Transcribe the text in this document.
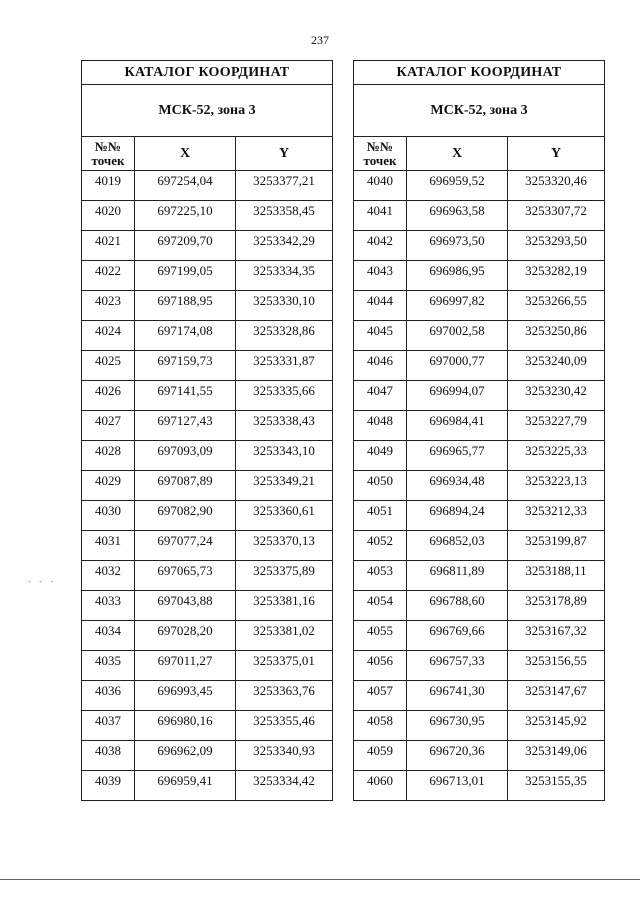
237
- - -
КАТАЛОГ КООРДИНАТ		
МСК-52, зона 3		
№№
точек	X	Y
4019	697254,04	3253377,21
4020	697225,10	3253358,45
4021	697209,70	3253342,29
4022	697199,05	3253334,35
4023	697188,95	3253330,10
4024	697174,08	3253328,86
4025	697159,73	3253331,87
4026	697141,55	3253335,66
4027	697127,43	3253338,43
4028	697093,09	3253343,10
4029	697087,89	3253349,21
4030	697082,90	3253360,61
4031	697077,24	3253370,13
4032	697065,73	3253375,89
4033	697043,88	3253381,16
4034	697028,20	3253381,02
4035	697011,27	3253375,01
4036	696993,45	3253363,76
4037	696980,16	3253355,46
4038	696962,09	3253340,93
4039	696959,41	3253334,42
КАТАЛОГ КООРДИНАТ		
МСК-52, зона 3		
№№
точек	X	Y
4040	696959,52	3253320,46
4041	696963,58	3253307,72
4042	696973,50	3253293,50
4043	696986,95	3253282,19
4044	696997,82	3253266,55
4045	697002,58	3253250,86
4046	697000,77	3253240,09
4047	696994,07	3253230,42
4048	696984,41	3253227,79
4049	696965,77	3253225,33
4050	696934,48	3253223,13
4051	696894,24	3253212,33
4052	696852,03	3253199,87
4053	696811,89	3253188,11
4054	696788,60	3253178,89
4055	696769,66	3253167,32
4056	696757,33	3253156,55
4057	696741,30	3253147,67
4058	696730,95	3253145,92
4059	696720,36	3253149,06
4060	696713,01	3253155,35
